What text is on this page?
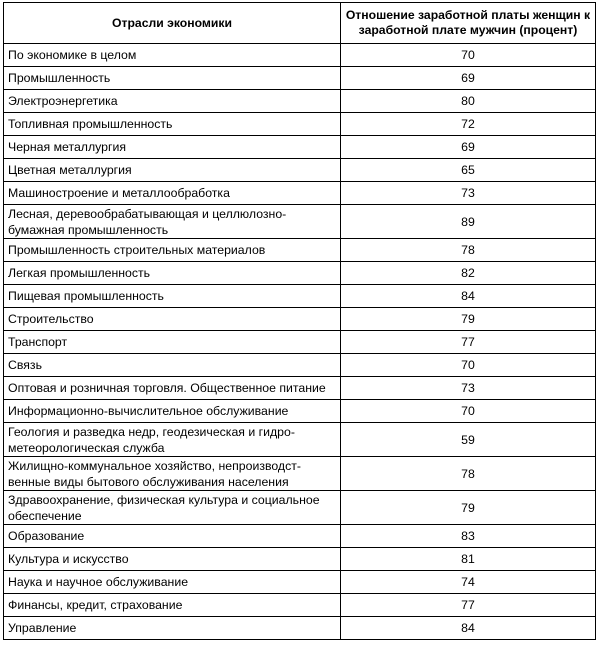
Отрасли экономики	Отношение заработной платы женщин к заработной плате мужчин (процент)
По экономике в целом	70
Промышленность	69
Электроэнергетика	80
Топливная промышленность	72
Черная металлургия	69
Цветная металлургия	65
Машиностроение и металлообработка	73
Лесная, деревообрабатывающая и целлюлозно-бумажная промышленность	89
Промышленность строительных материалов	78
Легкая промышленность	82
Пищевая промышленность	84
Строительство	79
Транспорт	77
Связь	70
Оптовая и розничная торговля. Общественное питание	73
Информационно-вычислительное обслуживание	70
Геология и разведка недр, геодезическая и гидро-метеорологическая служба	59
Жилищно-коммунальное хозяйство, непроизводст-венные виды бытового обслуживания населения	78
Здравоохранение, физическая культура и социальное обеспечение	79
Образование	83
Культура и искусство	81
Наука и научное обслуживание	74
Финансы, кредит, страхование	77
Управление	84
